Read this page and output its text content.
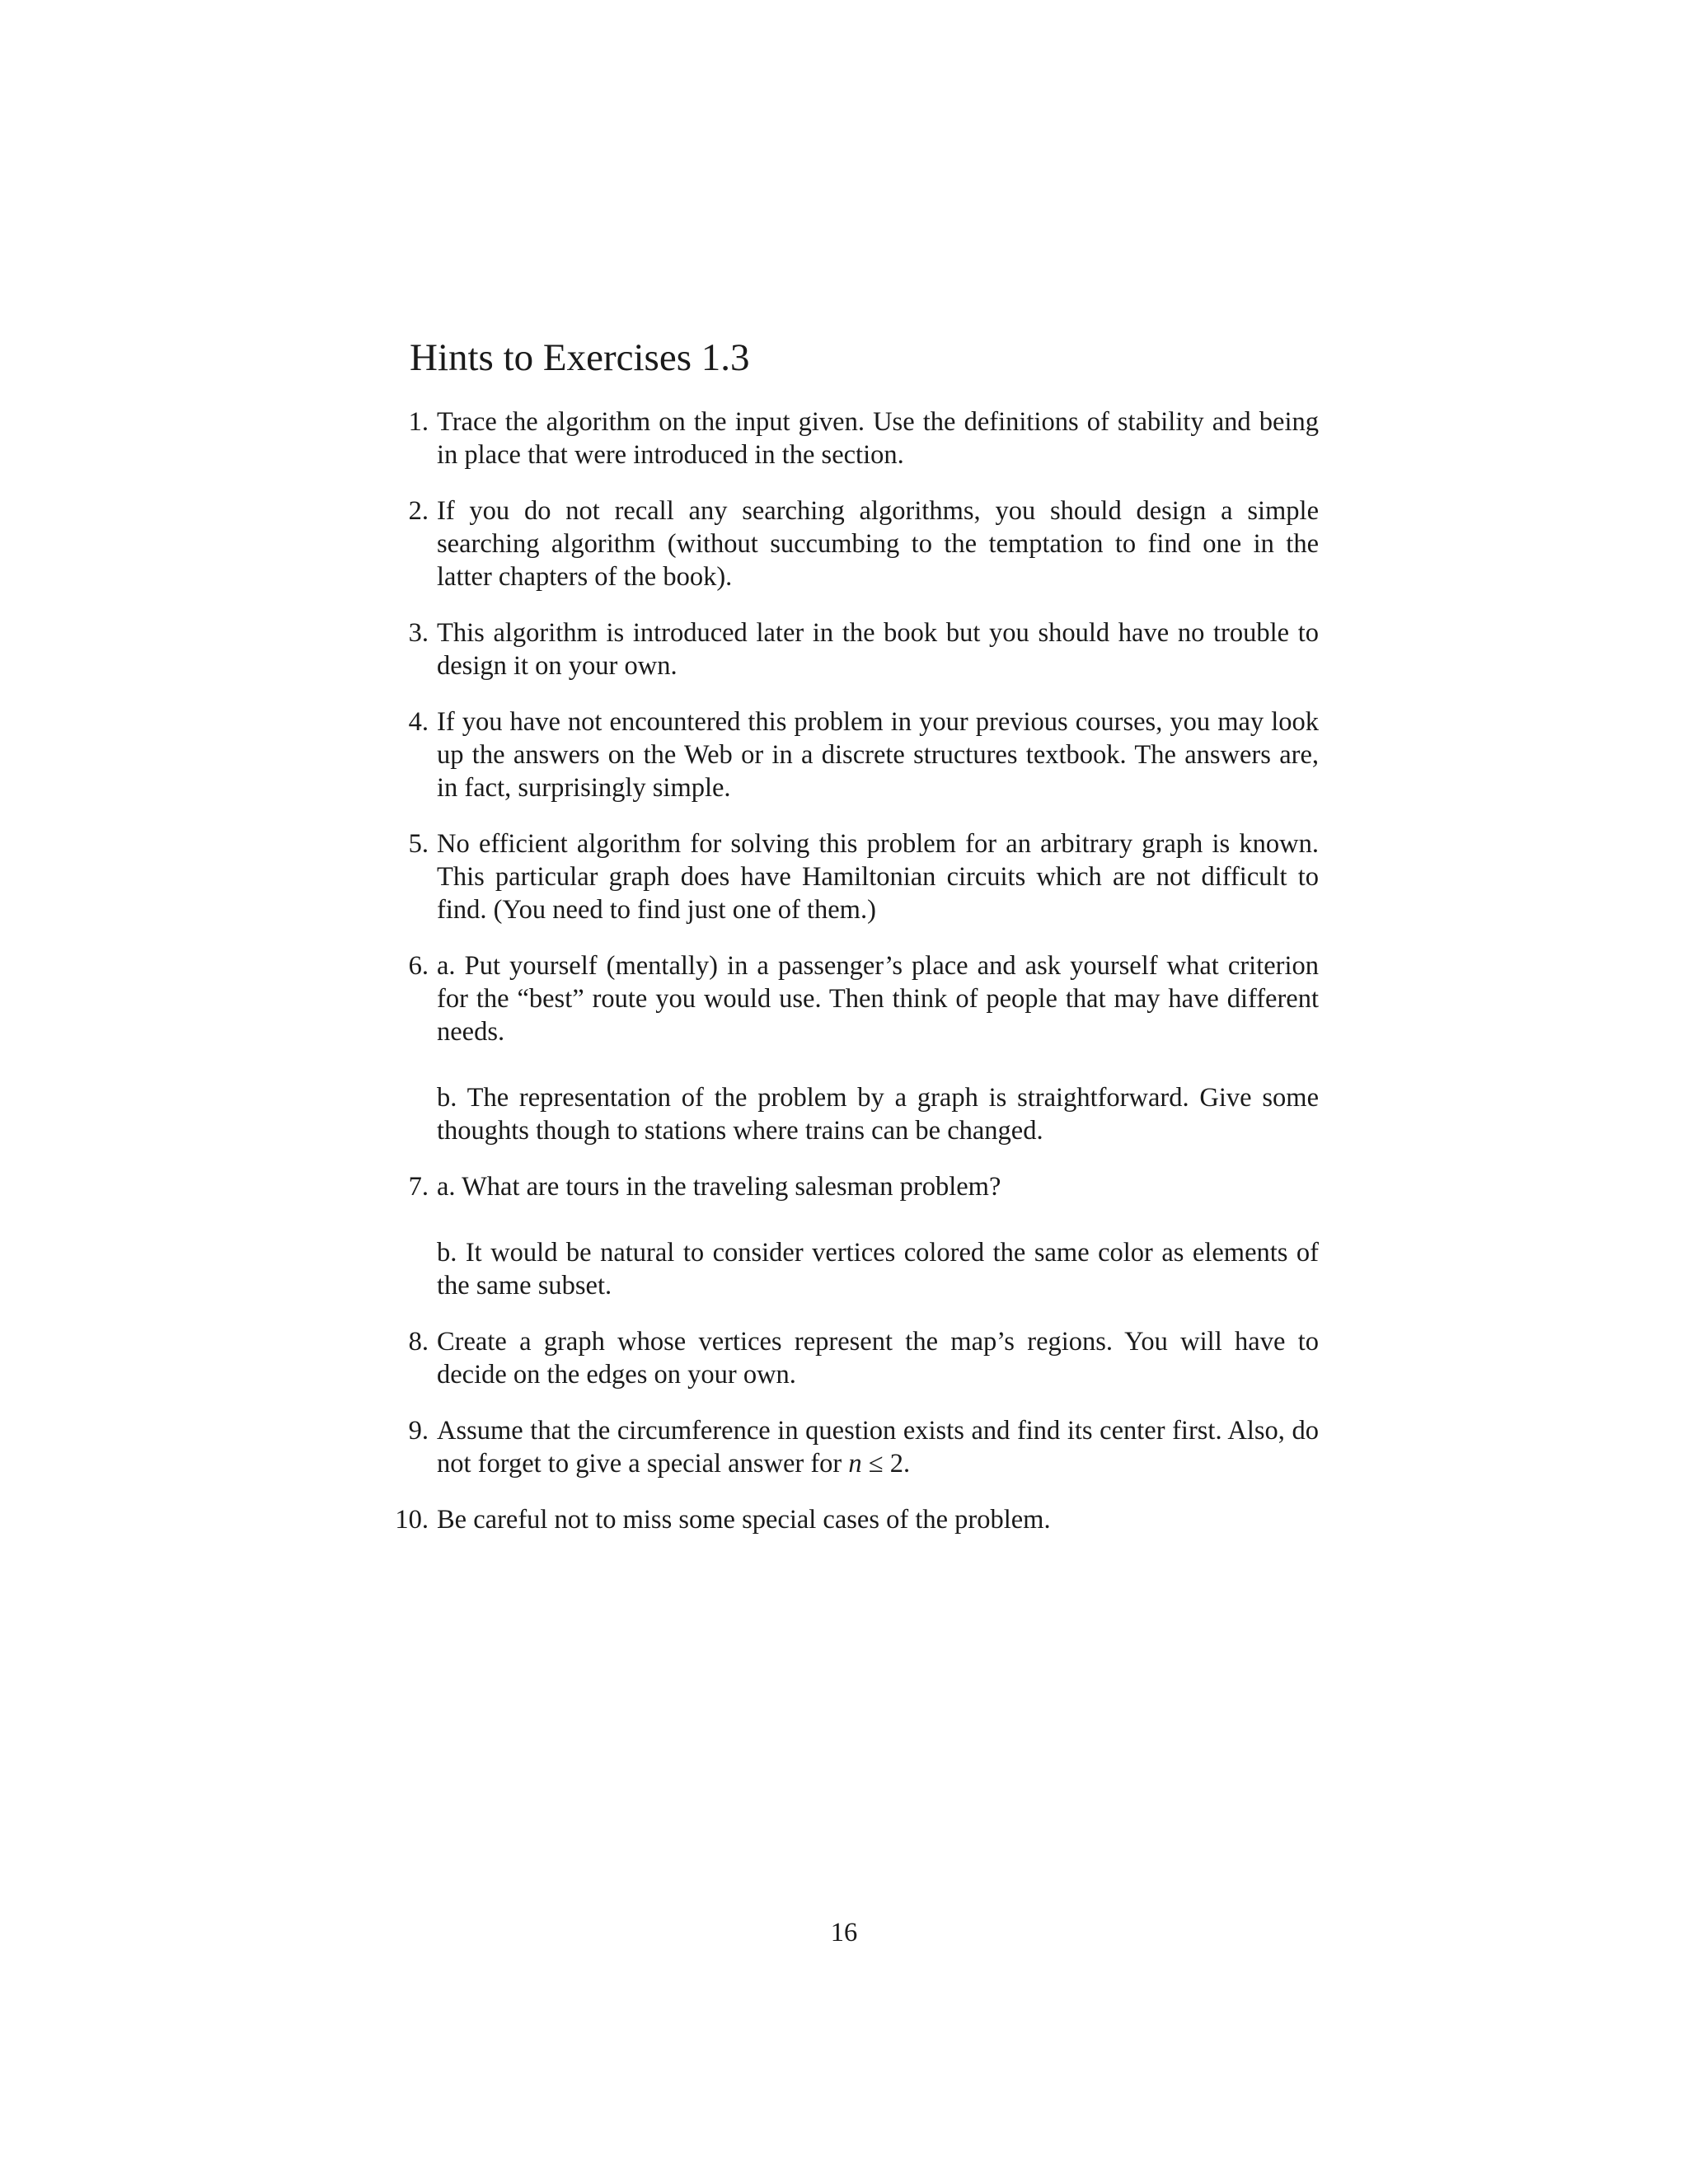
Hints to Exercises 1.3
1. Trace the algorithm on the input given. Use the definitions of stability and being in place that were introduced in the section.

2. If you do not recall any searching algorithms, you should design a simple searching algorithm (without succumbing to the temptation to find one in the latter chapters of the book).

3. This algorithm is introduced later in the book but you should have no trouble to design it on your own.

4. If you have not encountered this problem in your previous courses, you may look up the answers on the Web or in a discrete structures textbook. The answers are, in fact, surprisingly simple.

5. No efficient algorithm for solving this problem for an arbitrary graph is known. This particular graph does have Hamiltonian circuits which are not difficult to find. (You need to find just one of them.)

6. a. Put yourself (mentally) in a passenger’s place and ask yourself what criterion for the “best” route you would use. Then think of people that may have different needs.

b. The representation of the problem by a graph is straightforward. Give some thoughts though to stations where trains can be changed.

7. a. What are tours in the traveling salesman problem?

b. It would be natural to consider vertices colored the same color as elements of the same subset.

8. Create a graph whose vertices represent the map’s regions. You will have to decide on the edges on your own.

9. Assume that the circumference in question exists and find its center first. Also, do not forget to give a special answer for n ≤ 2.

10. Be careful not to miss some special cases of the problem.

16
